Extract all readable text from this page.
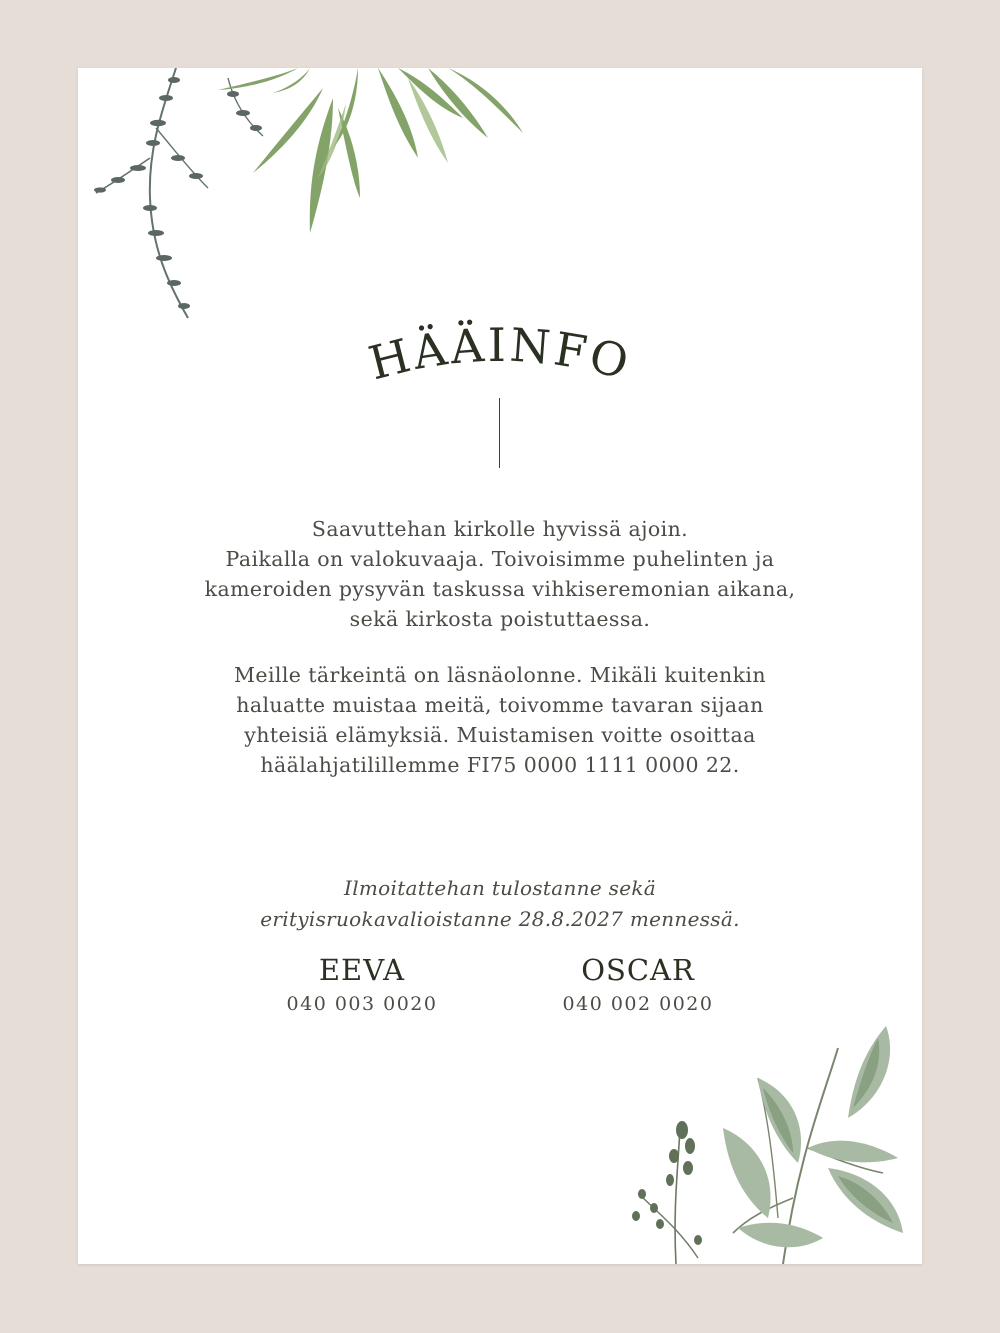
HÄÄINFO
Saavuttehan kirkolle hyvissä ajoin.
Paikalla on valokuvaaja. Toivoisimme puhelinten ja
kameroiden pysyvän taskussa vihkiseremonian aikana,
sekä kirkosta poistuttaessa.
Meille tärkeintä on läsnäolonne. Mikäli kuitenkin
haluatte muistaa meitä, toivomme tavaran sijaan
yhteisiä elämyksiä. Muistamisen voitte osoittaa
häälahjatilillemme FI75 0000 1111 0000 22.
Ilmoitattehan tulostanne sekä
erityisruokavalioistanne 28.8.2027 mennessä.
EEVA
040 003 0020
OSCAR
040 002 0020
